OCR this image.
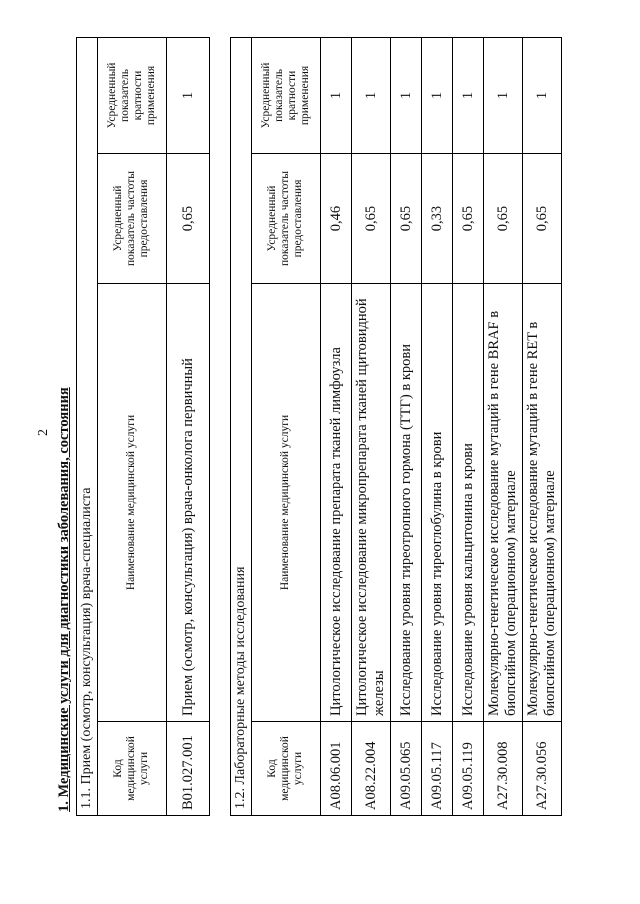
2 1. Медицинские услуги для диагностики заболевания, состояния 1.1. Прием (осмотр, консультация) врача-специалиста			
Код медицинской услуги	Наименование медицинской услуги	Усредненный показатель частоты предоставления	Усредненный показатель кратности применения
B01.027.001	Прием (осмотр, консультация) врача-онколога первичный	0,65	1
1.2. Лабораторные методы исследования			
Код медицинской услуги	Наименование медицинской услуги	Усредненный показатель частоты предоставления	Усредненный показатель кратности применения
A08.06.001	Цитологическое исследование препарата тканей лимфоузла	0,46	1
A08.22.004	Цитологическое исследование микропрепарата тканей щитовидной железы	0,65	1
A09.05.065	Исследование уровня тиреотропного гормона (ТТГ) в крови	0,65	1
A09.05.117	Исследование уровня тиреоглобулина в крови	0,33	1
A09.05.119	Исследование уровня кальцитонина в крови	0,65	1
A27.30.008	Молекулярно-генетическое исследование мутаций в гене BRAF в биопсийном (операционном) материале	0,65	1
A27.30.056	Молекулярно-генетическое исследование мутаций в гене RET в биопсийном (операционном) материале	0,65	1
